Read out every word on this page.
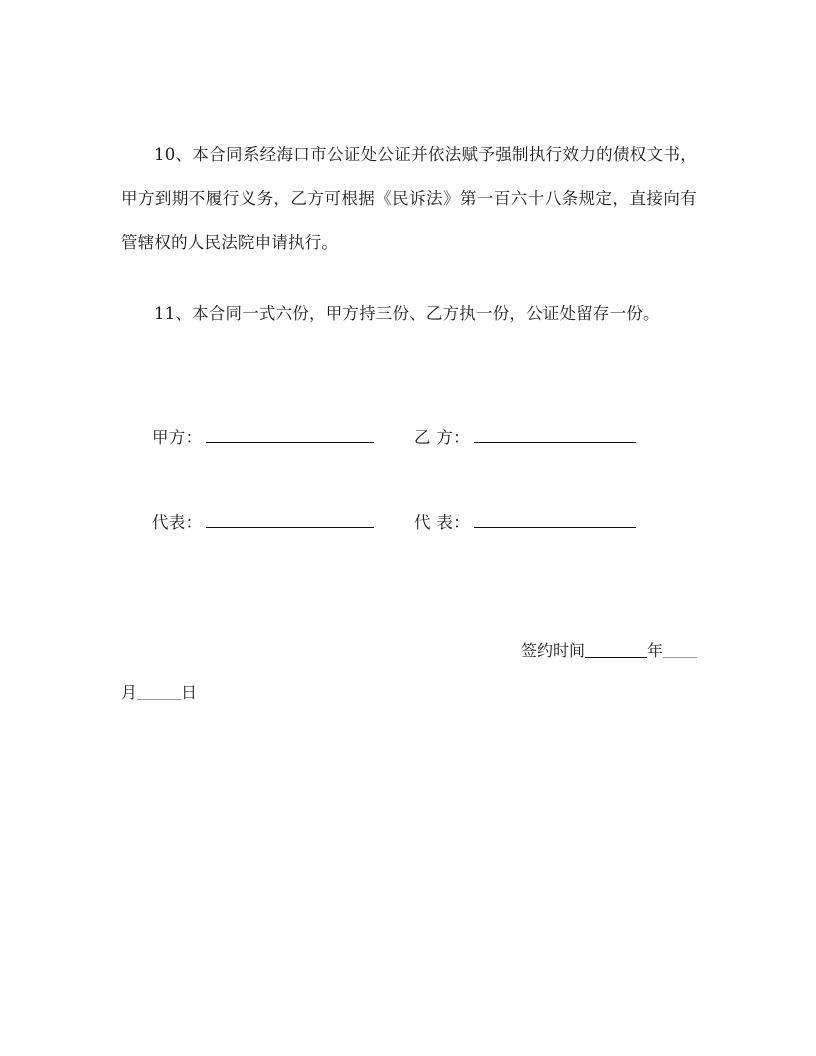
10、本合同系经海口市公证处公证并依法赋予强制执行效力的债权文书，甲方到期不履行义务，乙方可根据《民诉法》第一百六十八条规定，直接向有管辖权的人民法院申请执行。

11、本合同一式六份，甲方持三份、乙方执一份，公证处留存一份。

甲方：	乙 方：
代表：	代 表：
签约时间	年
月	日
